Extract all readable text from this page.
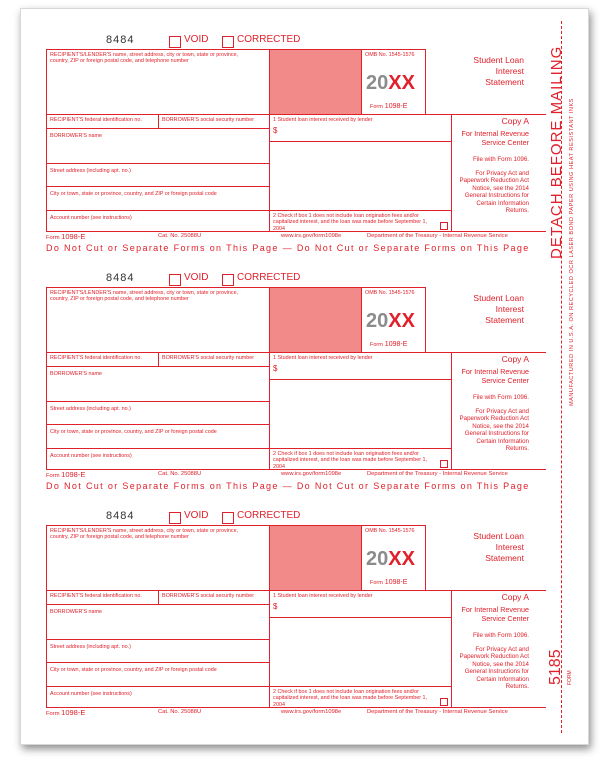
8484	VOID	CORRECTED
RECIPIENT'S/LENDER'S name, street address, city or town, state or province, country, ZIP or foreign postal code, and telephone number
OMB No. 1545-1576
20XX
Form 1098-E
Student Loan Interest Statement
RECIPIENT'S federal identification no.	BORROWER'S social security number	1 Student loan interest received by lender
$
BORROWER'S name
Street address (including apt. no.)
City or town, state or province, country, and ZIP or foreign postal code
Account number (see instructions)	2 Check if box 1 does not include loan origination fees and/or capitalized interest, and the loan was made before September 1, 2004
Copy A
For Internal Revenue Service Center
File with Form 1096.
For Privacy Act and Paperwork Reduction Act Notice, see the 2014 General Instructions for Certain Information Returns.
Form 1098-E	Cat. No. 25088U	www.irs.gov/form1098e	Department of the Treasury - Internal Revenue Service
Do Not Cut or Separate Forms on This Page — Do Not Cut or Separate Forms on This Page
8484	VOID	CORRECTED
RECIPIENT'S/LENDER'S name, street address, city or town, state or province, country, ZIP or foreign postal code, and telephone number
OMB No. 1545-1576
20XX
Form 1098-E
Student Loan Interest Statement
RECIPIENT'S federal identification no.	BORROWER'S social security number	1 Student loan interest received by lender
$
BORROWER'S name
Street address (including apt. no.)
City or town, state or province, country, and ZIP or foreign postal code
Account number (see instructions)	2 Check if box 1 does not include loan origination fees and/or capitalized interest, and the loan was made before September 1, 2004
Copy A
For Internal Revenue Service Center
File with Form 1096.
For Privacy Act and Paperwork Reduction Act Notice, see the 2014 General Instructions for Certain Information Returns.
Form 1098-E	Cat. No. 25088U	www.irs.gov/form1098e	Department of the Treasury - Internal Revenue Service
Do Not Cut or Separate Forms on This Page — Do Not Cut or Separate Forms on This Page
8484	VOID	CORRECTED
RECIPIENT'S/LENDER'S name, street address, city or town, state or province, country, ZIP or foreign postal code, and telephone number
OMB No. 1545-1576
20XX
Form 1098-E
Student Loan Interest Statement
RECIPIENT'S federal identification no.	BORROWER'S social security number	1 Student loan interest received by lender
$
BORROWER'S name
Street address (including apt. no.)
City or town, state or province, country, and ZIP or foreign postal code
Account number (see instructions)	2 Check if box 1 does not include loan origination fees and/or capitalized interest, and the loan was made before September 1, 2004
Copy A
For Internal Revenue Service Center
File with Form 1096.
For Privacy Act and Paperwork Reduction Act Notice, see the 2014 General Instructions for Certain Information Returns.
Form 1098-E	Cat. No. 25088U	www.irs.gov/form1098e	Department of the Treasury - Internal Revenue Service
DETACH BEFORE MAILING MANUFACTURED IN U.S.A. ON RECYCLED OCR LASER BOND PAPER USING HEAT RESISTANT INKS
5185 FORM
